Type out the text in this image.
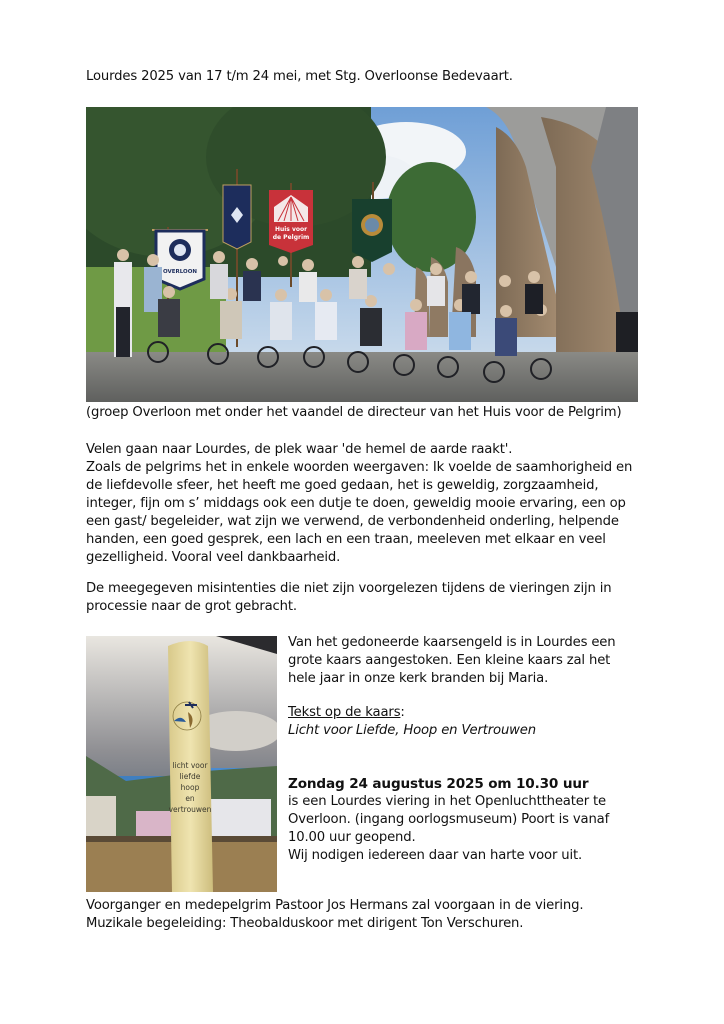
Lourdes 2025 van 17 t/m 24 mei, met Stg. Overloonse Bedevaart.
OVERLOON
Huis voor
de Pelgrim
(groep Overloon met onder het vaandel de directeur van het Huis voor de Pelgrim)

Velen gaan naar Lourdes, de plek waar 'de hemel de aarde raakt'.

Zoals de pelgrims het in enkele woorden weergaven: Ik voelde de saamhorigheid en

de liefdevolle sfeer, het heeft me goed gedaan, het is geweldig, zorgzaamheid,

integer, fijn om s’ middags ook een dutje te doen, geweldig mooie ervaring, een op

een gast/ begeleider, wat zijn we verwend, de verbondenheid onderling, helpende

handen, een goed gesprek, een lach en een traan, meeleven met elkaar en veel

gezelligheid. Vooral veel dankbaarheid.

De meegegeven misintenties die niet zijn voorgelezen tijdens de vieringen zijn in

processie naar de grot gebracht.

licht voor
liefde
hoop
en
vertrouwen

Van het gedoneerde kaarsengeld is in Lourdes een

grote kaars aangestoken. Een kleine kaars zal het

hele jaar in onze kerk branden bij Maria.

Tekst op de kaars:

Licht voor Liefde, Hoop en Vertrouwen

Zondag 24 augustus 2025 om 10.30 uur

is een Lourdes viering in het Openluchttheater te

Overloon. (ingang oorlogsmuseum) Poort is vanaf

10.00 uur geopend.

Wij nodigen iedereen daar van harte voor uit.

Voorganger en medepelgrim Pastoor Jos Hermans zal voorgaan in de viering.

Muzikale begeleiding: Theobalduskoor met dirigent Ton Verschuren.
